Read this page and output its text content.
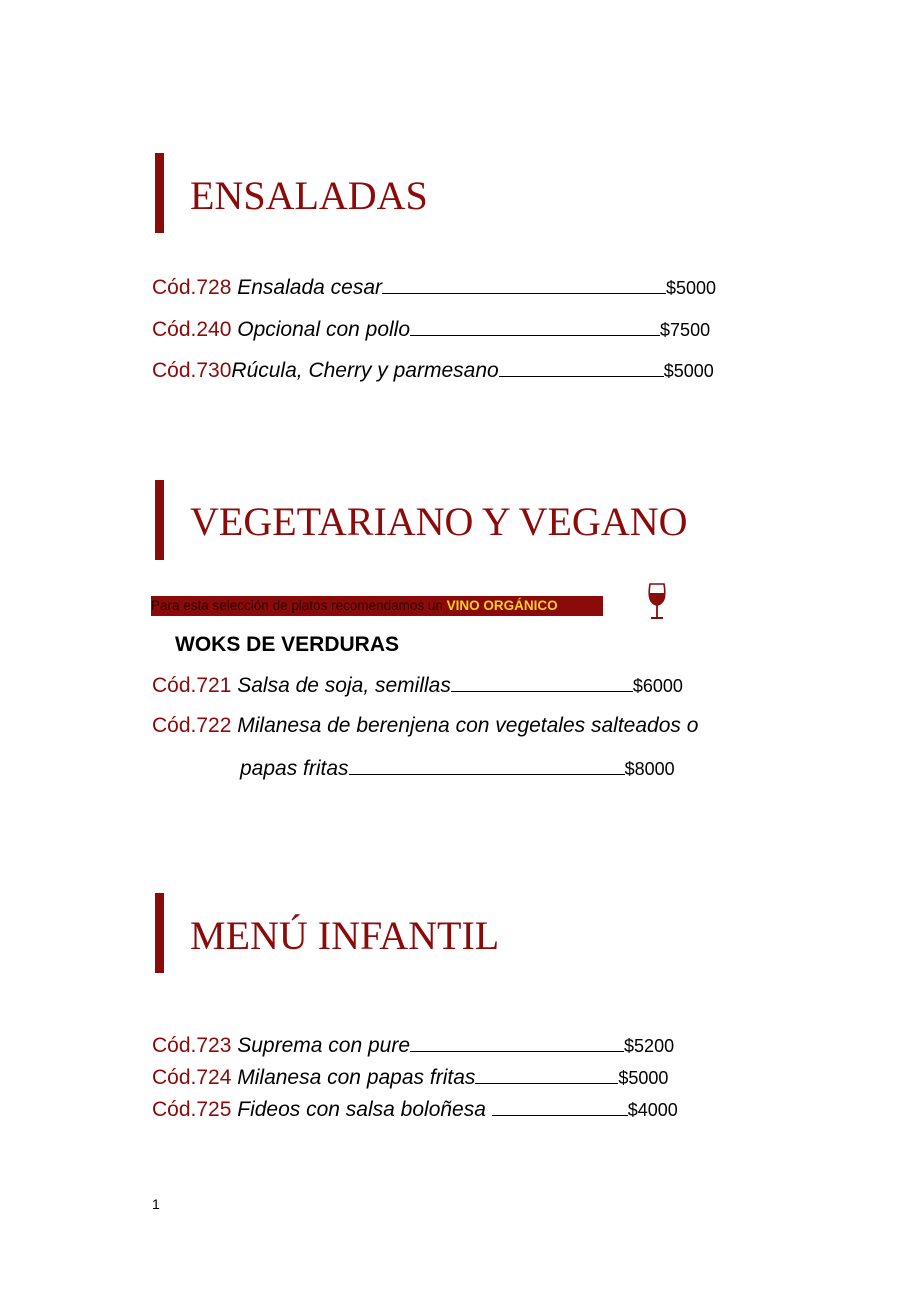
ENSALADAS
Cód.728 Ensalada cesar	$5000
Cód.240 Opcional con pollo	$7500
Cód.730Rúcula, Cherry y parmesano	$5000
VEGETARIANO Y VEGANO
Para esta selección de platos recomendamos un VINO ORGÁNICO
WOKS DE VERDURAS
Cód.721 Salsa de soja, semillas	$6000
Cód.722 Milanesa de berenjena con vegetales salteados o
papas fritas	$8000
MENÚ INFANTIL
Cód.723 Suprema con pure	$5200
Cód.724 Milanesa con papas fritas	$5000
Cód.725 Fideos con salsa boloñesa	$4000
1
